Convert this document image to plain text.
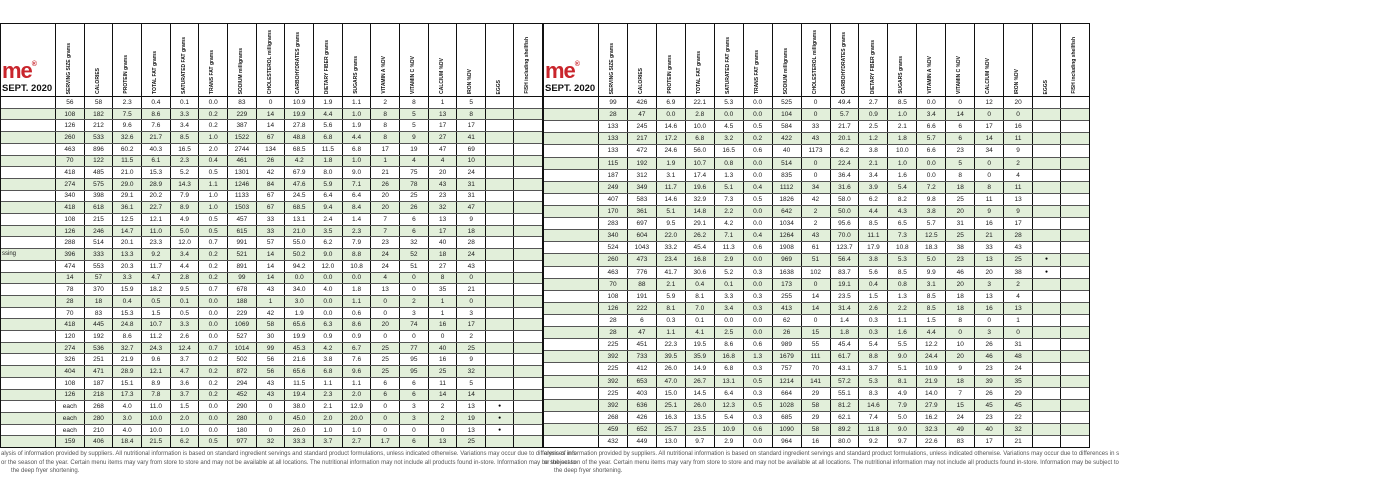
me®
SEPT. 2020	SERVING SIZE grams	CALORIES	PROTEIN grams	TOTAL FAT grams	SATURATED FAT grams	TRANS FAT grams	SODIUM milligrams	CHOLESTEROL milligrams	CARBOHYDRATES grams	DIETARY FIBER grams	SUGARS grams	VITAMIN A %DV	VITAMIN C %DV	CALCIUM %DV	IRON %DV	EGGS	FISH including shellfish
56	58	2.3	0.4	0.1	0.0	83	0	10.9	1.9	1.1	2	8	1	5
108	182	7.5	8.6	3.3	0.2	229	14	19.9	4.4	1.0	8	5	13	8
126	212	9.6	7.6	3.4	0.2	387	14	27.8	5.6	1.9	8	5	17	17
260	533	32.6	21.7	8.5	1.0	1522	67	48.8	6.8	4.4	8	9	27	41
463	896	60.2	40.3	16.5	2.0	2744	134	68.5	11.5	6.8	17	19	47	69
70	122	11.5	6.1	2.3	0.4	461	26	4.2	1.8	1.0	1	4	4	10
418	485	21.0	15.3	5.2	0.5	1301	42	67.9	8.0	9.0	21	75	20	24
274	575	29.0	28.9	14.3	1.1	1246	84	47.6	5.9	7.1	26	78	43	31
340	398	29.1	20.2	7.9	1.0	1133	67	24.5	6.4	6.4	20	25	23	31
418	618	36.1	22.7	8.9	1.0	1503	67	68.5	9.4	8.4	20	26	32	47
108	215	12.5	12.1	4.9	0.5	457	33	13.1	2.4	1.4	7	6	13	9
126	246	14.7	11.0	5.0	0.5	615	33	21.0	3.5	2.3	7	6	17	18
288	514	20.1	23.3	12.0	0.7	991	57	55.0	6.2	7.9	23	32	40	28
ssing	396	333	13.3	9.2	3.4	0.2	521	14	50.2	9.0	8.8	24	52	18	24
474	553	20.3	11.7	4.4	0.2	891	14	94.2	12.0	10.8	24	51	27	43
14	57	3.3	4.7	2.8	0.2	99	14	0.0	0.0	0.0	4	0	8	0
78	370	15.9	18.2	9.5	0.7	678	43	34.0	4.0	1.8	13	0	35	21
28	18	0.4	0.5	0.1	0.0	188	1	3.0	0.0	1.1	0	2	1	0
70	83	15.3	1.5	0.5	0.0	229	42	1.9	0.0	0.6	0	3	1	3
418	445	24.8	10.7	3.3	0.0	1069	58	65.6	6.3	8.6	20	74	16	17
120	192	8.6	11.2	2.6	0.0	527	30	19.9	0.9	0.9	0	0	0	2
274	536	32.7	24.3	12.4	0.7	1014	99	45.3	4.2	6.7	25	77	40	25
326	251	21.9	9.6	3.7	0.2	502	56	21.6	3.8	7.6	25	95	16	9
404	471	28.9	12.1	4.7	0.2	872	56	65.6	6.8	9.6	25	95	25	32
108	187	15.1	8.9	3.6	0.2	294	43	11.5	1.1	1.1	6	6	11	5
126	218	17.3	7.8	3.7	0.2	452	43	19.4	2.3	2.0	6	6	14	14
each	268	4.0	11.0	1.5	0.0	290	0	38.0	2.1	12.9	0	3	2	13	●
each	280	3.0	10.0	2.0	0.0	280	0	45.0	2.0	20.0	0	3	2	19	●
each	210	4.0	10.0	1.0	0.0	180	0	26.0	1.0	1.0	0	0	0	13	●
159	406	18.4	21.5	6.2	0.5	977	32	33.3	3.7	2.7	1.7	6	13	25
alysis of information provided by suppliers. All nutritional information is based on standard ingredient servings and standard product formulations, unless indicated otherwise. Variations may occur due to differences in s
or the season of the year. Certain menu items may vary from store to store and may not be available at all locations. The nutritional information may not include all products found in-store. Information may be subject to
the deep fryer shortening.
me®
SEPT. 2020	SERVING SIZE grams	CALORIES	PROTEIN grams	TOTAL FAT grams	SATURATED FAT grams	TRANS FAT grams	SODIUM milligrams	CHOLESTEROL milligrams	CARBOHYDRATES grams	DIETARY FIBER grams	SUGARS grams	VITAMIN A %DV	VITAMIN C %DV	CALCIUM %DV	IRON %DV	EGGS	FISH including shellfish
99	426	6.9	22.1	5.3	0.0	525	0	49.4	2.7	8.5	0.0	0	12	20
28	47	0.0	2.8	0.0	0.0	104	0	5.7	0.9	1.0	3.4	14	0	0
133	245	14.6	10.0	4.5	0.5	584	33	21.7	2.5	2.1	6.6	6	17	16
133	217	17.2	6.8	3.2	0.2	422	43	20.1	1.2	1.8	5.7	6	14	11
133	472	24.6	56.0	16.5	0.6	40	1173	6.2	3.8	10.0	6.6	23	34	9
115	192	1.9	10.7	0.8	0.0	514	0	22.4	2.1	1.0	0.0	5	0	2
187	312	3.1	17.4	1.3	0.0	835	0	36.4	3.4	1.6	0.0	8	0	4
249	349	11.7	19.6	5.1	0.4	1112	34	31.6	3.9	5.4	7.2	18	8	11
407	583	14.6	32.9	7.3	0.5	1826	42	58.0	6.2	8.2	9.8	25	11	13
170	361	5.1	14.8	2.2	0.0	642	2	50.0	4.4	4.3	3.8	20	9	9
283	697	9.5	29.1	4.2	0.0	1034	2	95.6	8.5	6.5	5.7	31	16	17
340	604	22.0	26.2	7.1	0.4	1264	43	70.0	11.1	7.3	12.5	25	21	28
524	1043	33.2	45.4	11.3	0.6	1908	61	123.7	17.9	10.8	18.3	38	33	43
260	473	23.4	16.8	2.9	0.0	969	51	56.4	3.8	5.3	5.0	23	13	25	●
463	776	41.7	30.6	5.2	0.3	1638	102	83.7	5.6	8.5	9.9	46	20	38	●
70	88	2.1	0.4	0.1	0.0	173	0	19.1	0.4	0.8	3.1	20	3	2
108	191	5.9	8.1	3.3	0.3	255	14	23.5	1.5	1.3	8.5	18	13	4
126	222	8.1	7.0	3.4	0.3	413	14	31.4	2.6	2.2	8.5	18	16	13
28	6	0.3	0.1	0.0	0.0	62	0	1.4	0.3	1.1	1.5	8	0	1
28	47	1.1	4.1	2.5	0.0	26	15	1.8	0.3	1.6	4.4	0	3	0
225	451	22.3	19.5	8.6	0.6	989	55	45.4	5.4	5.5	12.2	10	26	31
392	733	39.5	35.9	16.8	1.3	1679	111	61.7	8.8	9.0	24.4	20	46	48
225	412	26.0	14.9	6.8	0.3	757	70	43.1	3.7	5.1	10.9	9	23	24
392	653	47.0	26.7	13.1	0.5	1214	141	57.2	5.3	8.1	21.9	18	39	35
225	403	15.0	14.5	6.4	0.3	664	29	55.1	8.3	4.9	14.0	7	26	29
392	636	25.1	26.0	12.3	0.5	1028	58	81.2	14.6	7.9	27.9	15	45	45
268	426	16.3	13.5	5.4	0.3	685	29	62.1	7.4	5.0	16.2	24	23	22
459	652	25.7	23.5	10.9	0.6	1090	58	89.2	11.8	9.0	32.3	49	40	32
432	449	13.0	9.7	2.9	0.0	964	16	80.0	9.2	9.7	22.6	83	17	21
alysis of information provided by suppliers. All nutritional information is based on standard ingredient servings and standard product formulations, unless indicated otherwise. Variations may occur due to differences in s
or the season of the year. Certain menu items may vary from store to store and may not be available at all locations. The nutritional information may not include all products found in-store. Information may be subject to
the deep fryer shortening.
